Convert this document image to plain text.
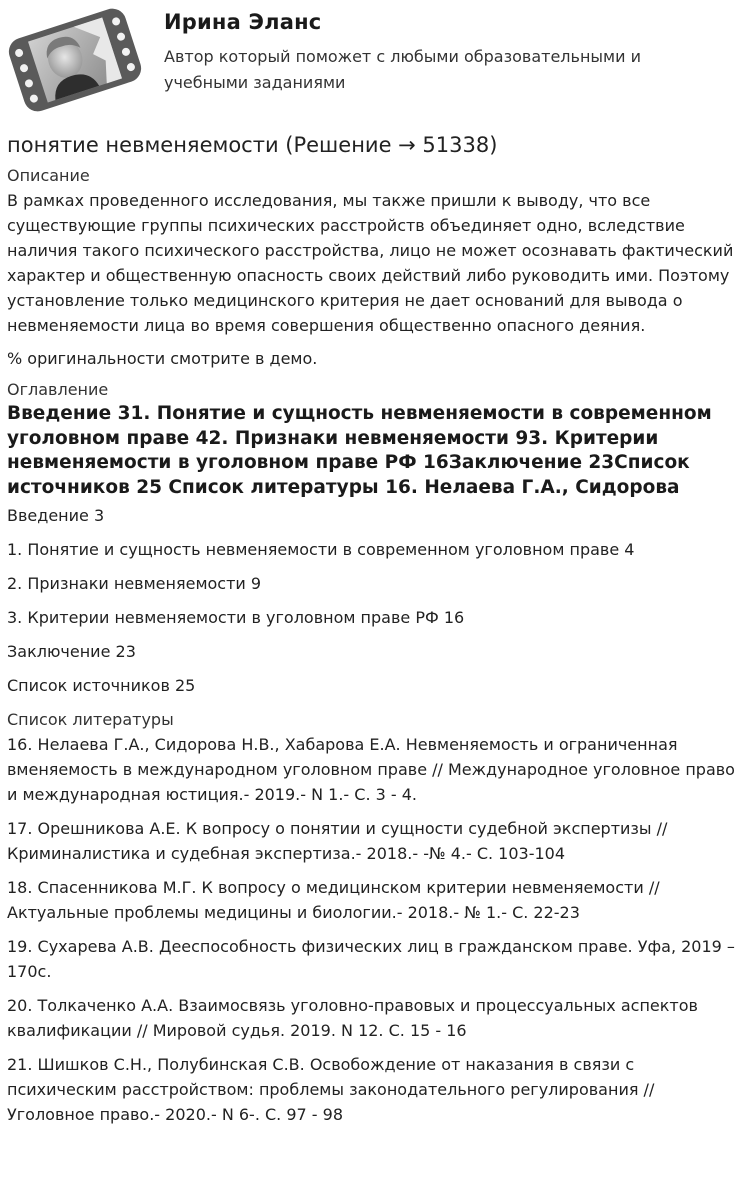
Ирина Эланс
Автор который поможет с любыми образовательными и учебными заданиями
понятие невменяемости (Решение → 51338)
Описание
В рамках проведенного исследования, мы также пришли к выводу, что все существующие группы психических расстройств объединяет одно, вследствие наличия такого психического расстройства, лицо не может осознавать фактический характер и общественную опасность своих действий либо руководить ими. Поэтому установление только медицинского критерия не дает оснований для вывода о невменяемости лица во время совершения общественно опасного деяния.
% оригинальности смотрите в демо.
Оглавление
Введение 31. Понятие и сущность невменяемости в современном уголовном праве 42. Признаки невменяемости 93. Критерии невменяемости в уголовном праве РФ 16Заключение 23Список источников 25 Список литературы 16. Нелаева Г.А., Сидорова
Введение 3
1. Понятие и сущность невменяемости в современном уголовном праве 4
2. Признаки невменяемости 9
3. Критерии невменяемости в уголовном праве РФ 16
Заключение 23
Список источников 25
Список литературы
16. Нелаева Г.А., Сидорова Н.В., Хабарова Е.А. Невменяемость и ограниченная вменяемость в международном уголовном праве // Международное уголовное право и международная юстиция.- 2019.- N 1.- С. 3 - 4.
17. Орешникова А.Е. К вопросу о понятии и сущности судебной экспертизы // Криминалистика и судебная экспертиза.- 2018.- -№ 4.- С. 103-104
18. Спасенникова М.Г. К вопросу о медицинском критерии невменяемости // Актуальные проблемы медицины и биологии.- 2018.- № 1.- С. 22-23
19. Сухарева А.В. Дееспособность физических лиц в гражданском праве. Уфа, 2019 – 170с.
20. Толкаченко А.А. Взаимосвязь уголовно-правовых и процессуальных аспектов квалификации // Мировой судья. 2019. N 12. С. 15 - 16
21. Шишков С.Н., Полубинская С.В. Освобождение от наказания в связи с психическим расстройством: проблемы законодательного регулирования // Уголовное право.- 2020.- N 6-. С. 97 - 98
